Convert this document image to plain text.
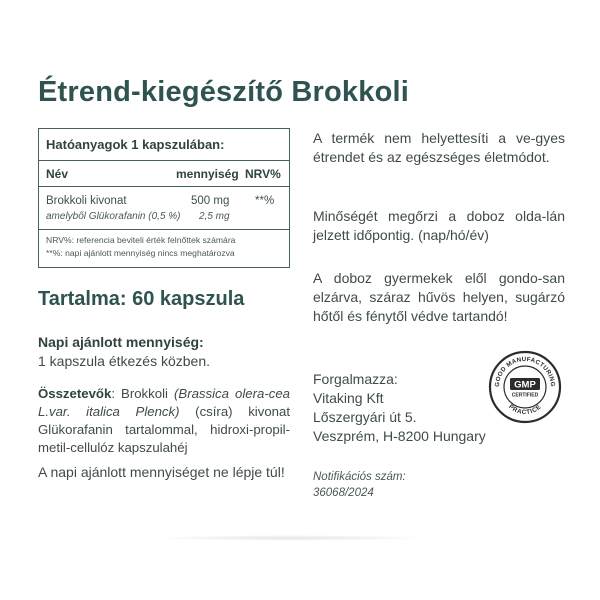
Étrend-kiegészítő Brokkoli
Hatóanyagok 1 kapszulában:
Név	mennyiség NRV%
Brokkoli kivonat	500 mg **%
amelyből Glükorafanin (0,5 %) 2,5 mg
NRV%: referencia beviteli érték felnőttek számára
**%: napi ajánlott mennyiség nincs meghatározva
Tartalma: 60 kapszula
Napi ajánlott mennyiség:
1 kapszula étkezés közben.
Összetevők: Brokkoli (Brassica olera-cea L.var. italica Plenck) (csíra) kivonat Glükorafanin tartalommal, hidroxi-propil-metil-cellulóz kapszulahéj
A napi ajánlott mennyiséget ne lépje túl!
A termék nem helyettesíti a ve-gyes étrendet és az egészséges életmódot.
Minőségét megőrzi a doboz olda-lán jelzett időpontig. (nap/hó/év)
A doboz gyermekek elől gondo-san elzárva, száraz hűvös helyen, sugárzó hőtől és fénytől védve tartandó!
Forgalmazza:
Vitaking Kft
Lőszergyári út 5.
Veszprém, H-8200 Hungary
Notifikációs szám:
36068/2024
GOOD MANUFACTURING
PRACTICE
GMP
CERTIFIED
